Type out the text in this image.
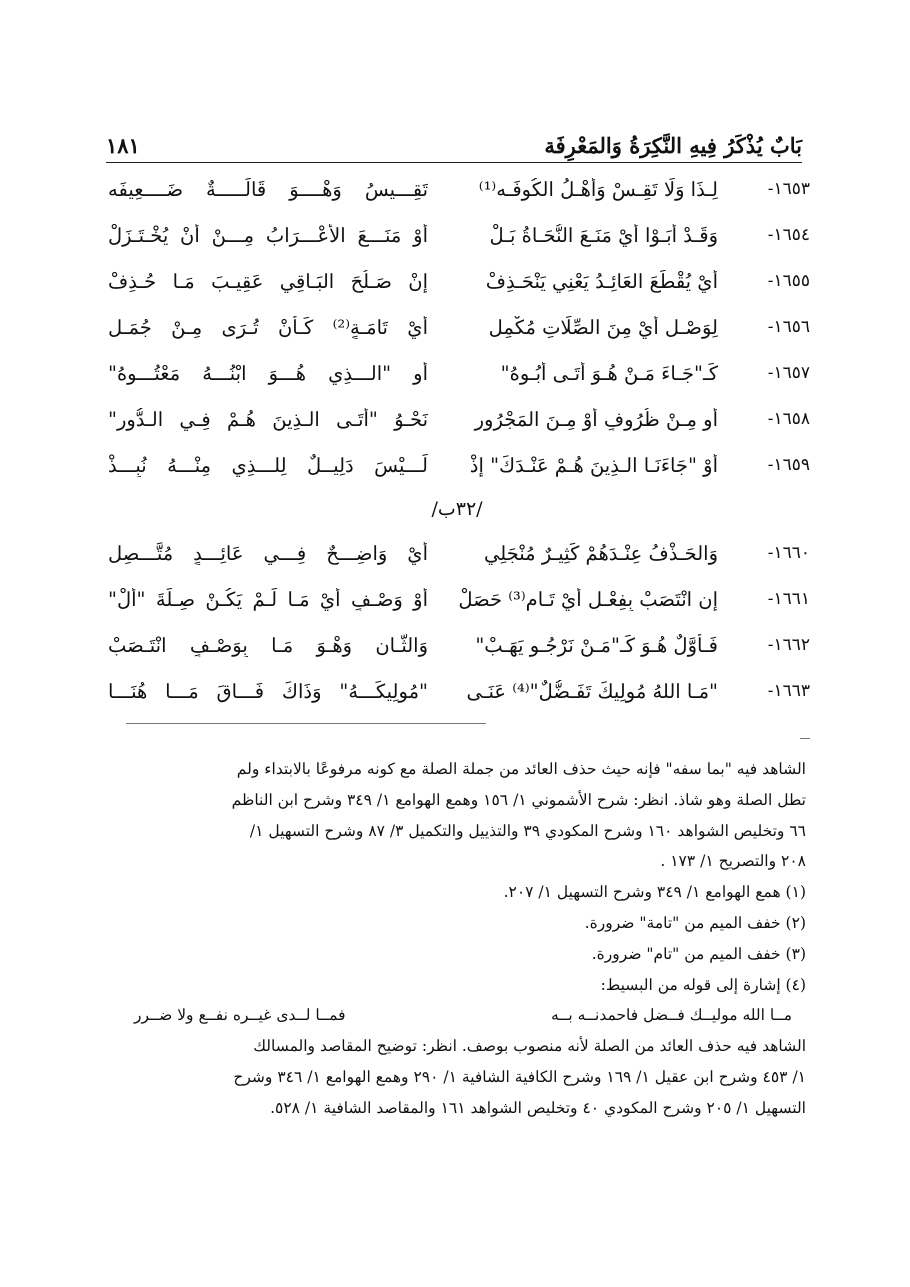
بَابٌ يُذْكَرُ فِيهِ النَّكِرَةُ وَالمَعْرِفَة
١٨١
١٦٥٣-
لِـذَا وَلَا تَقِـسْ وَأَهْـلُ الكُوفَـه⁽¹⁾
تَقِـــيسُ وَهْــــوَ قَالَـــــةٌ ضَــــعِيفَه
١٦٥٤-
وَقَـدْ أَبَـوْا أَيْ مَنَـعَ النُّحَـاةُ بَـلْ
أَوْ مَنَـــعَ الأَعْـــرَابُ مِـــنْ أَنْ يُخْـتَـزَلْ
١٦٥٥-
أَيْ يُقْطَعَ العَائِـدُ يَعْنِي يَنْحَـذِفْ
إِنْ صَـلُحَ البَـاقِي عَقِيـبَ مَـا حُـذِفْ
١٦٥٦-
لِوَصْـلِ أَيْ مِنَ الصِّلَاتِ مُكْمِل
أَيْ تَامَـةٍ⁽²⁾ كَـأَنْ تُـرَى مِـنْ جُمَـلِ
١٦٥٧-
كَـ"جَـاءَ مَـنْ هُـوَ أَتَـى أَبُـوهُ"
أَوِ "الـــذِي هُـــوَ ابْنُـــهُ مَعْتُـــوهُ"
١٦٥٨-
أَو مِـنْ ظُرُوفٍ أَوْ مِـنَ المَجْرُورِ
نَحْـوُ "أَتَـى الـذِينَ هُـمْ فِـي الـدُّورِ"
١٦٥٩-
أَوْ "جَاءَنَـا الـذِينَ هُـمْ عَنْـدَكَ" إِذْ
لَـــيْسَ دَلِيــلٌ لِلـــذِي مِنْـــهُ نُبِـــذْ
/٣٢ب/
١٦٦٠-
وَالحَـذْفُ عِنْـدَهُمْ كَثِيـرٌ مُنْجَلِي
أَيْ وَاضِـــحٌ فِـــي عَائِـــدٍ مُتَّـــصِلِ
١٦٦١-
إِنِ انْتَصَبْ بِفِعْـلٍ أَيْ تَـامٍ⁽³⁾ حَصَلْ
أَوْ وَصْـفٍ أَيْ مَـا لَـمْ يَكُـنْ صِـلَةَ "أَلْ"
١٦٦٢-
فَـأَوَّلٌ هُـوَ كَـ"مَـنْ نَرْجُـو يَهَـبْ"
وَالثَّـانِ وَهْـوَ مَـا بِوَصْـفٍ انْتَـصَبْ
١٦٦٣-
"مَـا اللهُ مُولِيكَ تَفَـضُّلٌ"⁽⁴⁾ عَنَـى
"مُولِيكَـــهُ" وَذَاكَ فَـــاقَ مَـــا هُنَـــا

الشاهد فيه "بما سفه" فإنه حيث حذف العائد من جملة الصلة مع كونه مرفوعًا بالابتداء ولم

تطل الصلة وهو شاذ. انظر: شرح الأشموني ١/ ١٥٦ وهمع الهوامع ١/ ٣٤٩ وشرح ابن الناظم

٦٦ وتخليص الشواهد ١٦٠ وشرح المكودي ٣٩ والتذييل والتكميل ٣/ ٨٧ وشرح التسهيل ١/

٢٠٨ والتصريح ١/ ١٧٣ .

(١) همع الهوامع ١/ ٣٤٩ وشرح التسهيل ١/ ٢٠٧.

(٢) خفف الميم من "تامة" ضرورة.

(٣) خفف الميم من "تام" ضرورة.

(٤) إشارة إلى قوله من البسيط:

مــا الله موليــك فــضل فاحمدنــه بــه
فمــا لــدى غيــره نفــع ولا ضــرر

الشاهد فيه حذف العائد من الصلة لأنه منصوب بوصف. انظر: توضيح المقاصد والمسالك

١/ ٤٥٣ وشرح ابن عقيل ١/ ١٦٩ وشرح الكافية الشافية ١/ ٢٩٠ وهمع الهوامع ١/ ٣٤٦ وشرح

التسهيل ١/ ٢٠٥ وشرح المكودي ٤٠ وتخليص الشواهد ١٦١ والمقاصد الشافية ١/ ٥٢٨.
